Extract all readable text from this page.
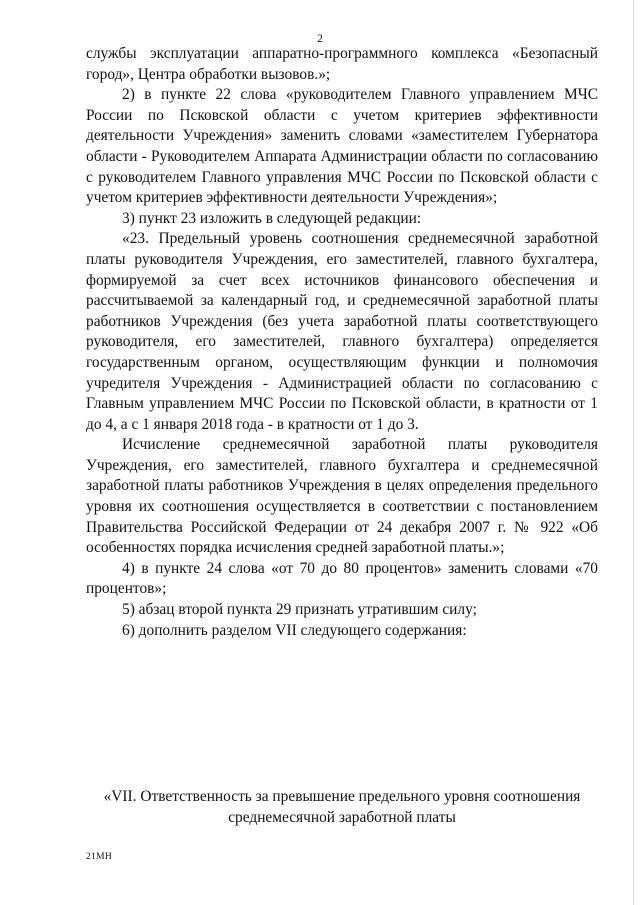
2

службы эксплуатации аппаратно-программного комплекса «Безопасный город», Центра обработки вызовов.»;

2) в пункте 22 слова «руководителем Главного управлением МЧС России по Псковской области с учетом критериев эффективности деятельности Учреждения» заменить словами «заместителем Губернатора области - Руководителем Аппарата Администрации области по согласованию с руководителем Главного управления МЧС России по Псковской области с учетом критериев эффективности деятельности Учреждения»;

3) пункт 23 изложить в следующей редакции:

«23. Предельный уровень соотношения среднемесячной заработной платы руководителя Учреждения, его заместителей, главного бухгалтера, формируемой за счет всех источников финансового обеспечения и рассчитываемой за календарный год, и среднемесячной заработной платы работников Учреждения (без учета заработной платы соответствующего руководителя, его заместителей, главного бухгалтера) определяется государственным органом, осуществляющим функции и полномочия учредителя Учреждения - Администрацией области по согласованию с Главным управлением МЧС России по Псковской области, в кратности от 1 до 4, а с 1 января 2018 года - в кратности от 1 до 3.

Исчисление среднемесячной заработной платы руководителя Учреждения, его заместителей, главного бухгалтера и среднемесячной заработной платы работников Учреждения в целях определения предельного уровня их соотношения осуществляется в соответствии с постановлением Правительства Российской Федерации от 24 декабря 2007 г. № 922 «Об особенностях порядка исчисления средней заработной платы.»;

4) в пункте 24 слова «от 70 до 80 процентов» заменить словами «70 процентов»;

5) абзац второй пункта 29 признать утратившим силу;

6) дополнить разделом VII следующего содержания:

«VII. Ответственность за превышение предельного уровня соотношения среднемесячной заработной платы

21МН
